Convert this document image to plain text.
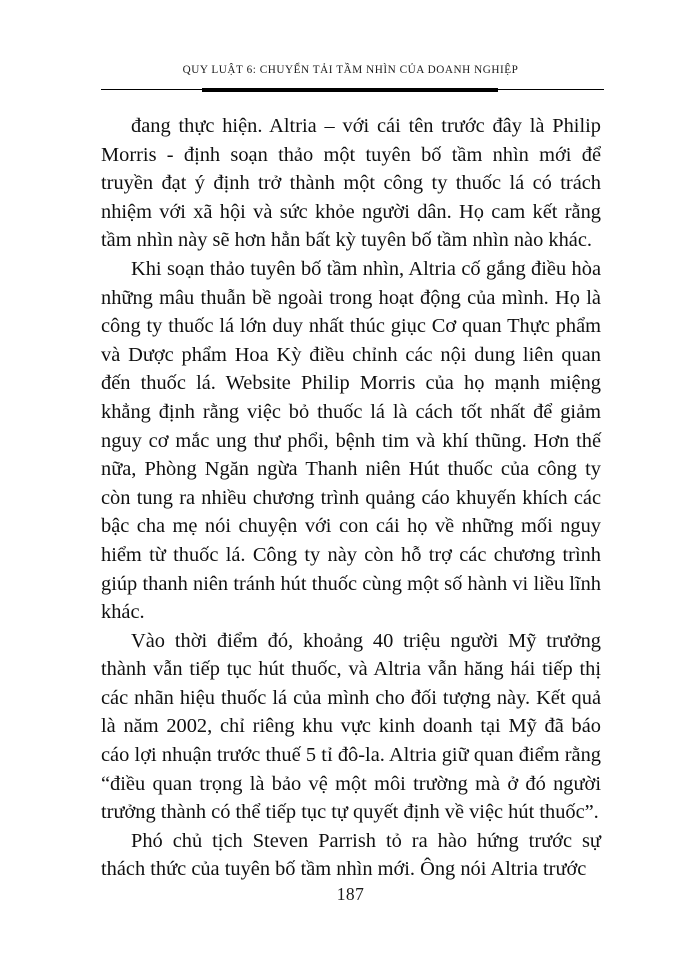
QUY LUẬT 6: CHUYỂN TẢI TẦM NHÌN CỦA DOANH NGHIỆP

đang thực hiện. Altria – với cái tên trước đây là Philip Morris - định soạn thảo một tuyên bố tầm nhìn mới để truyền đạt ý định trở thành một công ty thuốc lá có trách nhiệm với xã hội và sức khỏe người dân. Họ cam kết rằng tầm nhìn này sẽ hơn hẳn bất kỳ tuyên bố tầm nhìn nào khác.

Khi soạn thảo tuyên bố tầm nhìn, Altria cố gắng điều hòa những mâu thuẫn bề ngoài trong hoạt động của mình. Họ là công ty thuốc lá lớn duy nhất thúc giục Cơ quan Thực phẩm và Dược phẩm Hoa Kỳ điều chỉnh các nội dung liên quan đến thuốc lá. Website Philip Morris của họ mạnh miệng khẳng định rằng việc bỏ thuốc lá là cách tốt nhất để giảm nguy cơ mắc ung thư phổi, bệnh tim và khí thũng. Hơn thế nữa, Phòng Ngăn ngừa Thanh niên Hút thuốc của công ty còn tung ra nhiều chương trình quảng cáo khuyến khích các bậc cha mẹ nói chuyện với con cái họ về những mối nguy hiểm từ thuốc lá. Công ty này còn hỗ trợ các chương trình giúp thanh niên tránh hút thuốc cùng một số hành vi liều lĩnh khác.

Vào thời điểm đó, khoảng 40 triệu người Mỹ trưởng thành vẫn tiếp tục hút thuốc, và Altria vẫn hăng hái tiếp thị các nhãn hiệu thuốc lá của mình cho đối tượng này. Kết quả là năm 2002, chỉ riêng khu vực kinh doanh tại Mỹ đã báo cáo lợi nhuận trước thuế 5 tỉ đô-la. Altria giữ quan điểm rằng “điều quan trọng là bảo vệ một môi trường mà ở đó người trưởng thành có thể tiếp tục tự quyết định về việc hút thuốc”.

Phó chủ tịch Steven Parrish tỏ ra hào hứng trước sự thách thức của tuyên bố tầm nhìn mới. Ông nói Altria trước

187
